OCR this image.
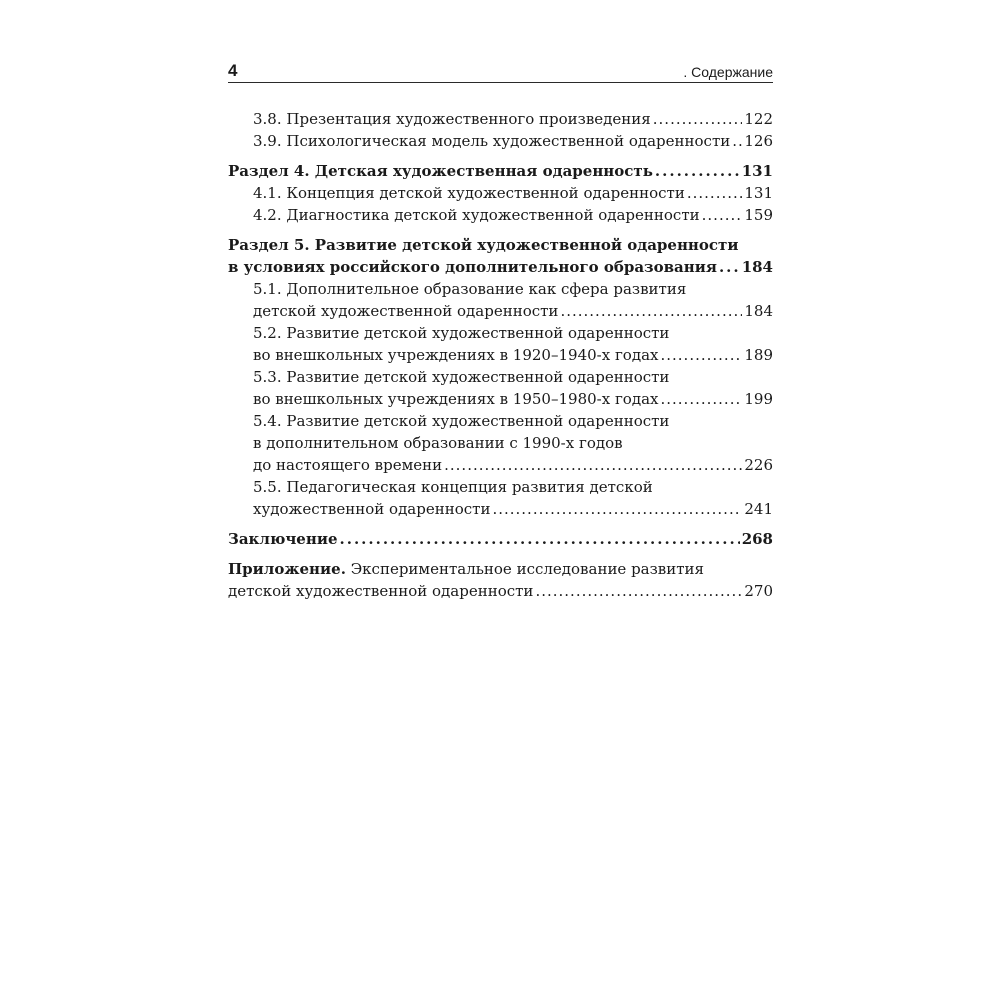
4	. Содержание
3.8. Презентация художественного произведения .....	122
3.9. Психологическая модель художественной одаренности ..... 126
Раздел 4. Детская художественная одаренность .....	131
4.1. Концепция детской художественной одаренности .....	131
4.2. Диагностика детской художественной одаренности .....	159
Раздел 5. Развитие детской художественной одаренности
в условиях российского дополнительного образования ..... 184
5.1. Дополнительное образование как сфера развития
детской художественной одаренности .....	184
5.2. Развитие детской художественной одаренности
во внешкольных учреждениях в 1920–1940-х годах .....	189
5.3. Развитие детской художественной одаренности
во внешкольных учреждениях в 1950–1980-х годах .....	199
5.4. Развитие детской художественной одаренности
в дополнительном образовании с 1990-х годов
до настоящего времени .....	226
5.5. Педагогическая концепция развития детской
художественной одаренности .....	241
Заключение .....	268
Приложение. Экспериментальное исследование развития
детской художественной одаренности .....	270
